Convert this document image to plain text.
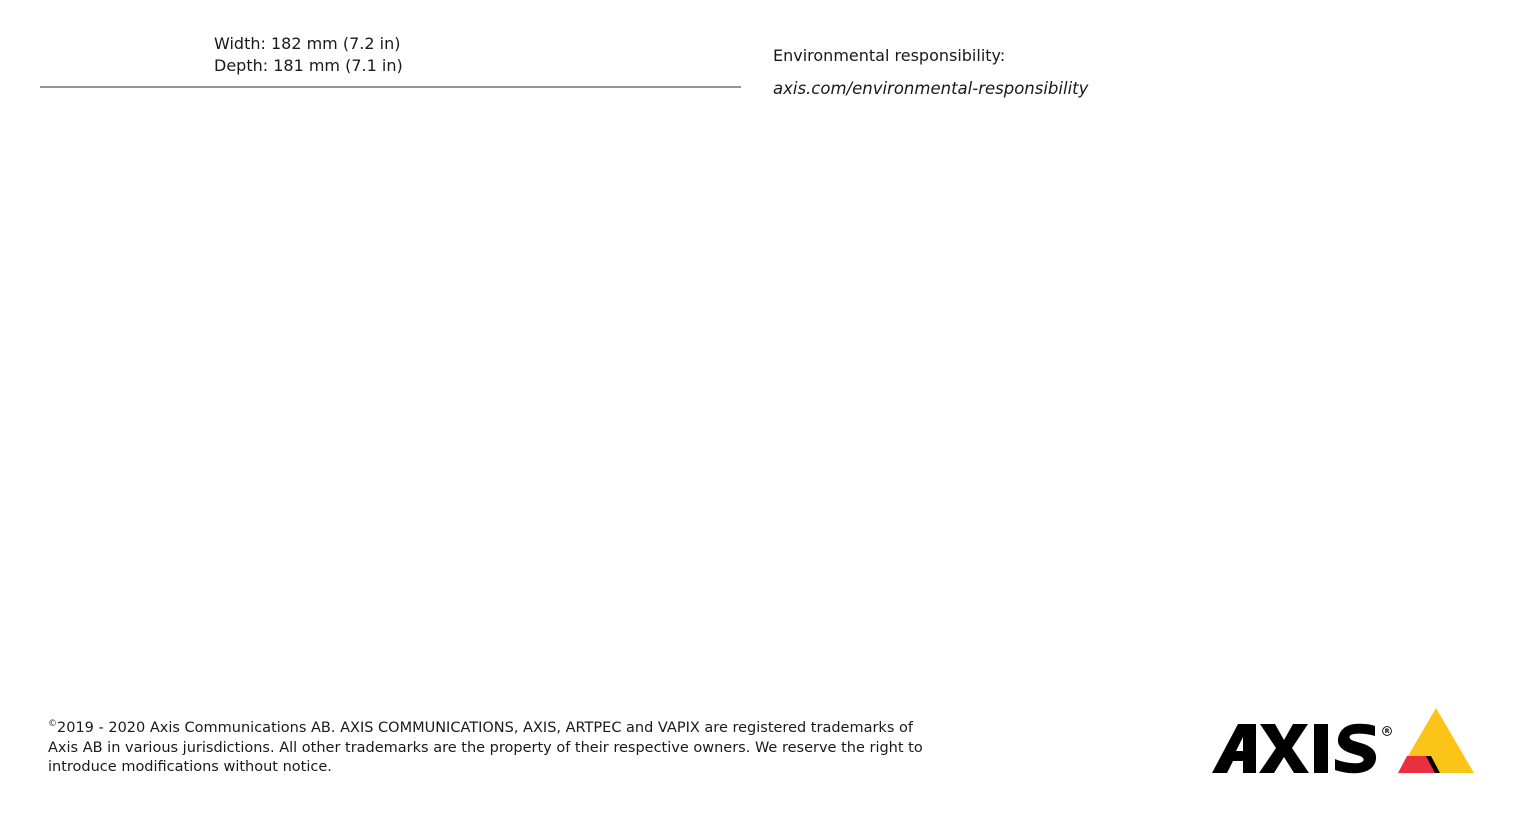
Width: 182 mm (7.2 in)
Depth: 181 mm (7.1 in)
Environmental responsibility:
axis.com/environmental-responsibility
©2019 - 2020 Axis Communications AB. AXIS COMMUNICATIONS, AXIS, ARTPEC and VAPIX are registered trademarks of
Axis AB in various jurisdictions. All other trademarks are the property of their respective owners. We reserve the right to
introduce modifications without notice.
R
